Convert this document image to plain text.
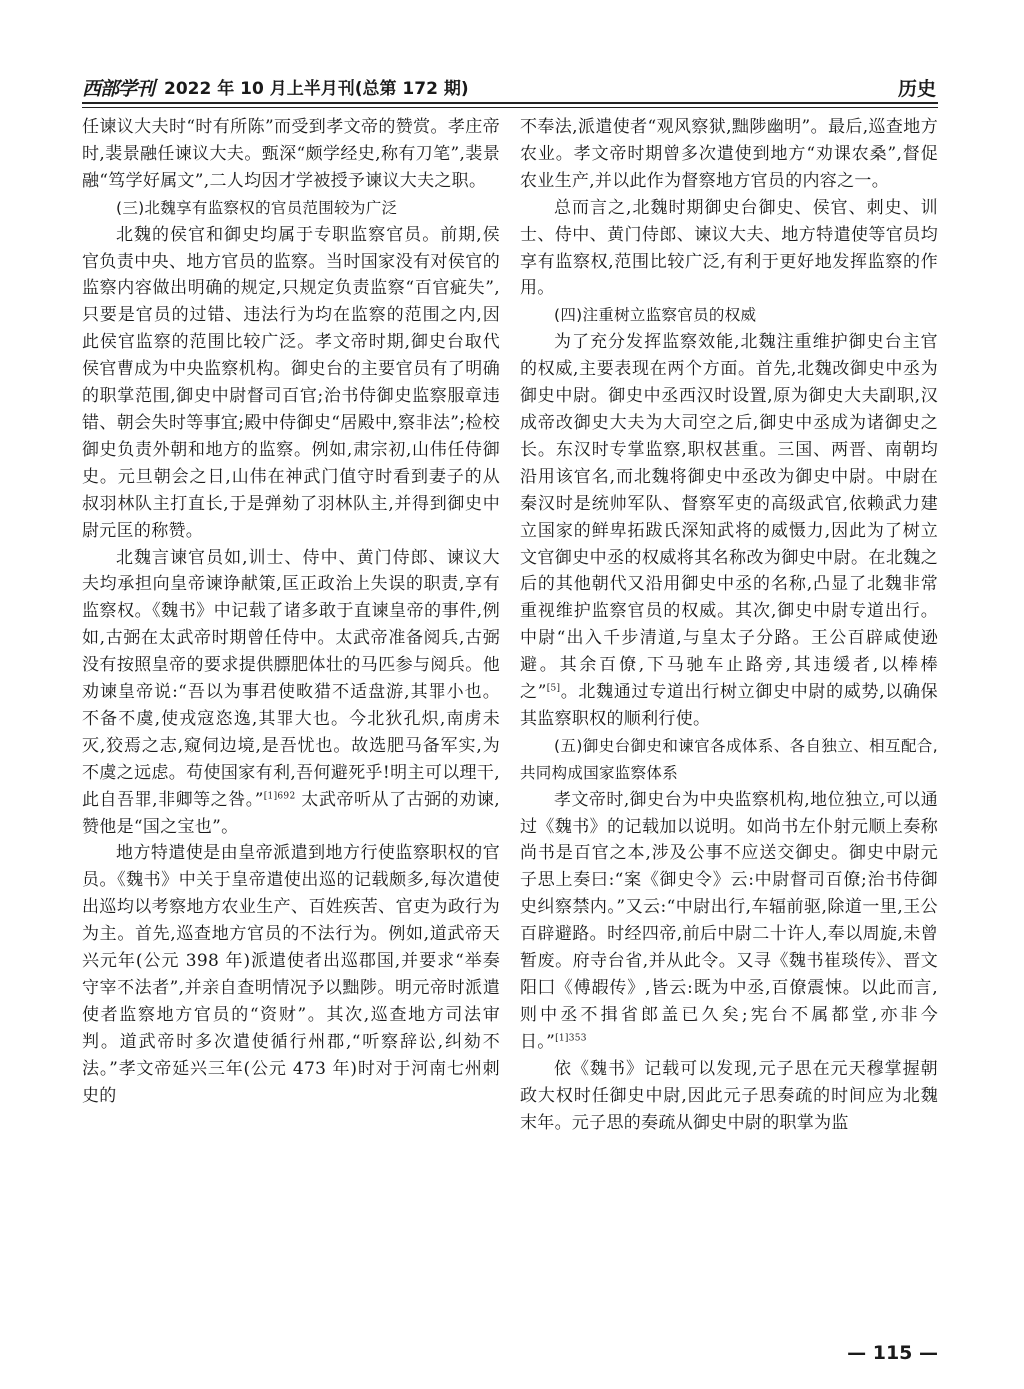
西部学刊 2022 年 10 月上半月刊(总第 172 期)	历史

任谏议大夫时“时有所陈”而受到孝文帝的赞赏。孝庄帝时,裴景融任谏议大夫。甄深“颇学经史,称有刀笔”,裴景融“笃学好属文”,二人均因才学被授予谏议大夫之职。

(三)北魏享有监察权的官员范围较为广泛

北魏的侯官和御史均属于专职监察官员。前期,侯官负责中央、地方官员的监察。当时国家没有对侯官的监察内容做出明确的规定,只规定负责监察“百官疵失”,只要是官员的过错、违法行为均在监察的范围之内,因此侯官监察的范围比较广泛。孝文帝时期,御史台取代侯官曹成为中央监察机构。御史台的主要官员有了明确的职掌范围,御史中尉督司百官;治书侍御史监察服章违错、朝会失时等事宜;殿中侍御史“居殿中,察非法”;检校御史负责外朝和地方的监察。例如,肃宗初,山伟任侍御史。元旦朝会之日,山伟在神武门值守时看到妻子的从叔羽林队主打直长,于是弹劾了羽林队主,并得到御史中尉元匡的称赞。

北魏言谏官员如,训士、侍中、黄门侍郎、谏议大夫均承担向皇帝谏诤献策,匡正政治上失误的职责,享有监察权。《魏书》中记载了诸多敢于直谏皇帝的事件,例如,古弼在太武帝时期曾任侍中。太武帝准备阅兵,古弼没有按照皇帝的要求提供膘肥体壮的马匹参与阅兵。他劝谏皇帝说:“吾以为事君使畋猎不适盘游,其罪小也。不备不虞,使戎寇恣逸,其罪大也。今北狄孔炽,南虏未灭,狡焉之志,窥伺边境,是吾忧也。故选肥马备军实,为不虞之远虑。苟使国家有利,吾何避死乎!明主可以理干,此自吾罪,非卿等之咎。”$^{[1]692}$ 太武帝听从了古弼的劝谏,赞他是“国之宝也”。

地方特遣使是由皇帝派遣到地方行使监察职权的官员。《魏书》中关于皇帝遣使出巡的记载颇多,每次遣使出巡均以考察地方农业生产、百姓疾苦、官吏为政行为为主。首先,巡查地方官员的不法行为。例如,道武帝天兴元年(公元 398 年)派遣使者出巡郡国,并要求“举奏守宰不法者”,并亲自查明情况予以黜陟。明元帝时派遣使者监察地方官员的“资财”。其次,巡查地方司法审判。道武帝时多次遣使循行州郡,“听察辞讼,纠劾不法。”孝文帝延兴三年(公元 473 年)时对于河南七州刺史的

不奉法,派遣使者“观风察狱,黜陟幽明”。最后,巡查地方农业。孝文帝时期曾多次遣使到地方“劝课农桑”,督促农业生产,并以此作为督察地方官员的内容之一。

总而言之,北魏时期御史台御史、侯官、刺史、训士、侍中、黄门侍郎、谏议大夫、地方特遣使等官员均享有监察权,范围比较广泛,有利于更好地发挥监察的作用。

(四)注重树立监察官员的权威

为了充分发挥监察效能,北魏注重维护御史台主官的权威,主要表现在两个方面。首先,北魏改御史中丞为御史中尉。御史中丞西汉时设置,原为御史大夫副职,汉成帝改御史大夫为大司空之后,御史中丞成为诸御史之长。东汉时专掌监察,职权甚重。三国、两晋、南朝均沿用该官名,而北魏将御史中丞改为御史中尉。中尉在秦汉时是统帅军队、督察军吏的高级武官,依赖武力建立国家的鲜卑拓跋氏深知武将的威慑力,因此为了树立文官御史中丞的权威将其名称改为御史中尉。在北魏之后的其他朝代又沿用御史中丞的名称,凸显了北魏非常重视维护监察官员的权威。其次,御史中尉专道出行。中尉“出入千步清道,与皇太子分路。王公百辟咸使逊避。其余百僚,下马驰车止路旁,其违缓者,以棒棒之”[5]。北魏通过专道出行树立御史中尉的威势,以确保其监察职权的顺利行使。

(五)御史台御史和谏官各成体系、各自独立、相互配合,共同构成国家监察体系

孝文帝时,御史台为中央监察机构,地位独立,可以通过《魏书》的记载加以说明。如尚书左仆射元顺上奏称尚书是百官之本,涉及公事不应送交御史。御史中尉元子思上奏曰:“案《御史令》云:中尉督司百僚;治书侍御史纠察禁内。”又云:“中尉出行,车辐前驱,除道一里,王公百辟避路。时经四帝,前后中尉二十许人,奉以周旋,未曾暂废。府寺台省,并从此令。又寻《魏书崔琰传》、晋文阳囗《傅嘏传》,皆云:既为中丞,百僚震悚。以此而言,则中丞不揖省郎盖已久矣;宪台不属都堂,亦非今日。”$^{[1]353}$

依《魏书》记载可以发现,元子思在元天穆掌握朝政大权时任御史中尉,因此元子思奏疏的时间应为北魏末年。元子思的奏疏从御史中尉的职掌为监

— 115 —
